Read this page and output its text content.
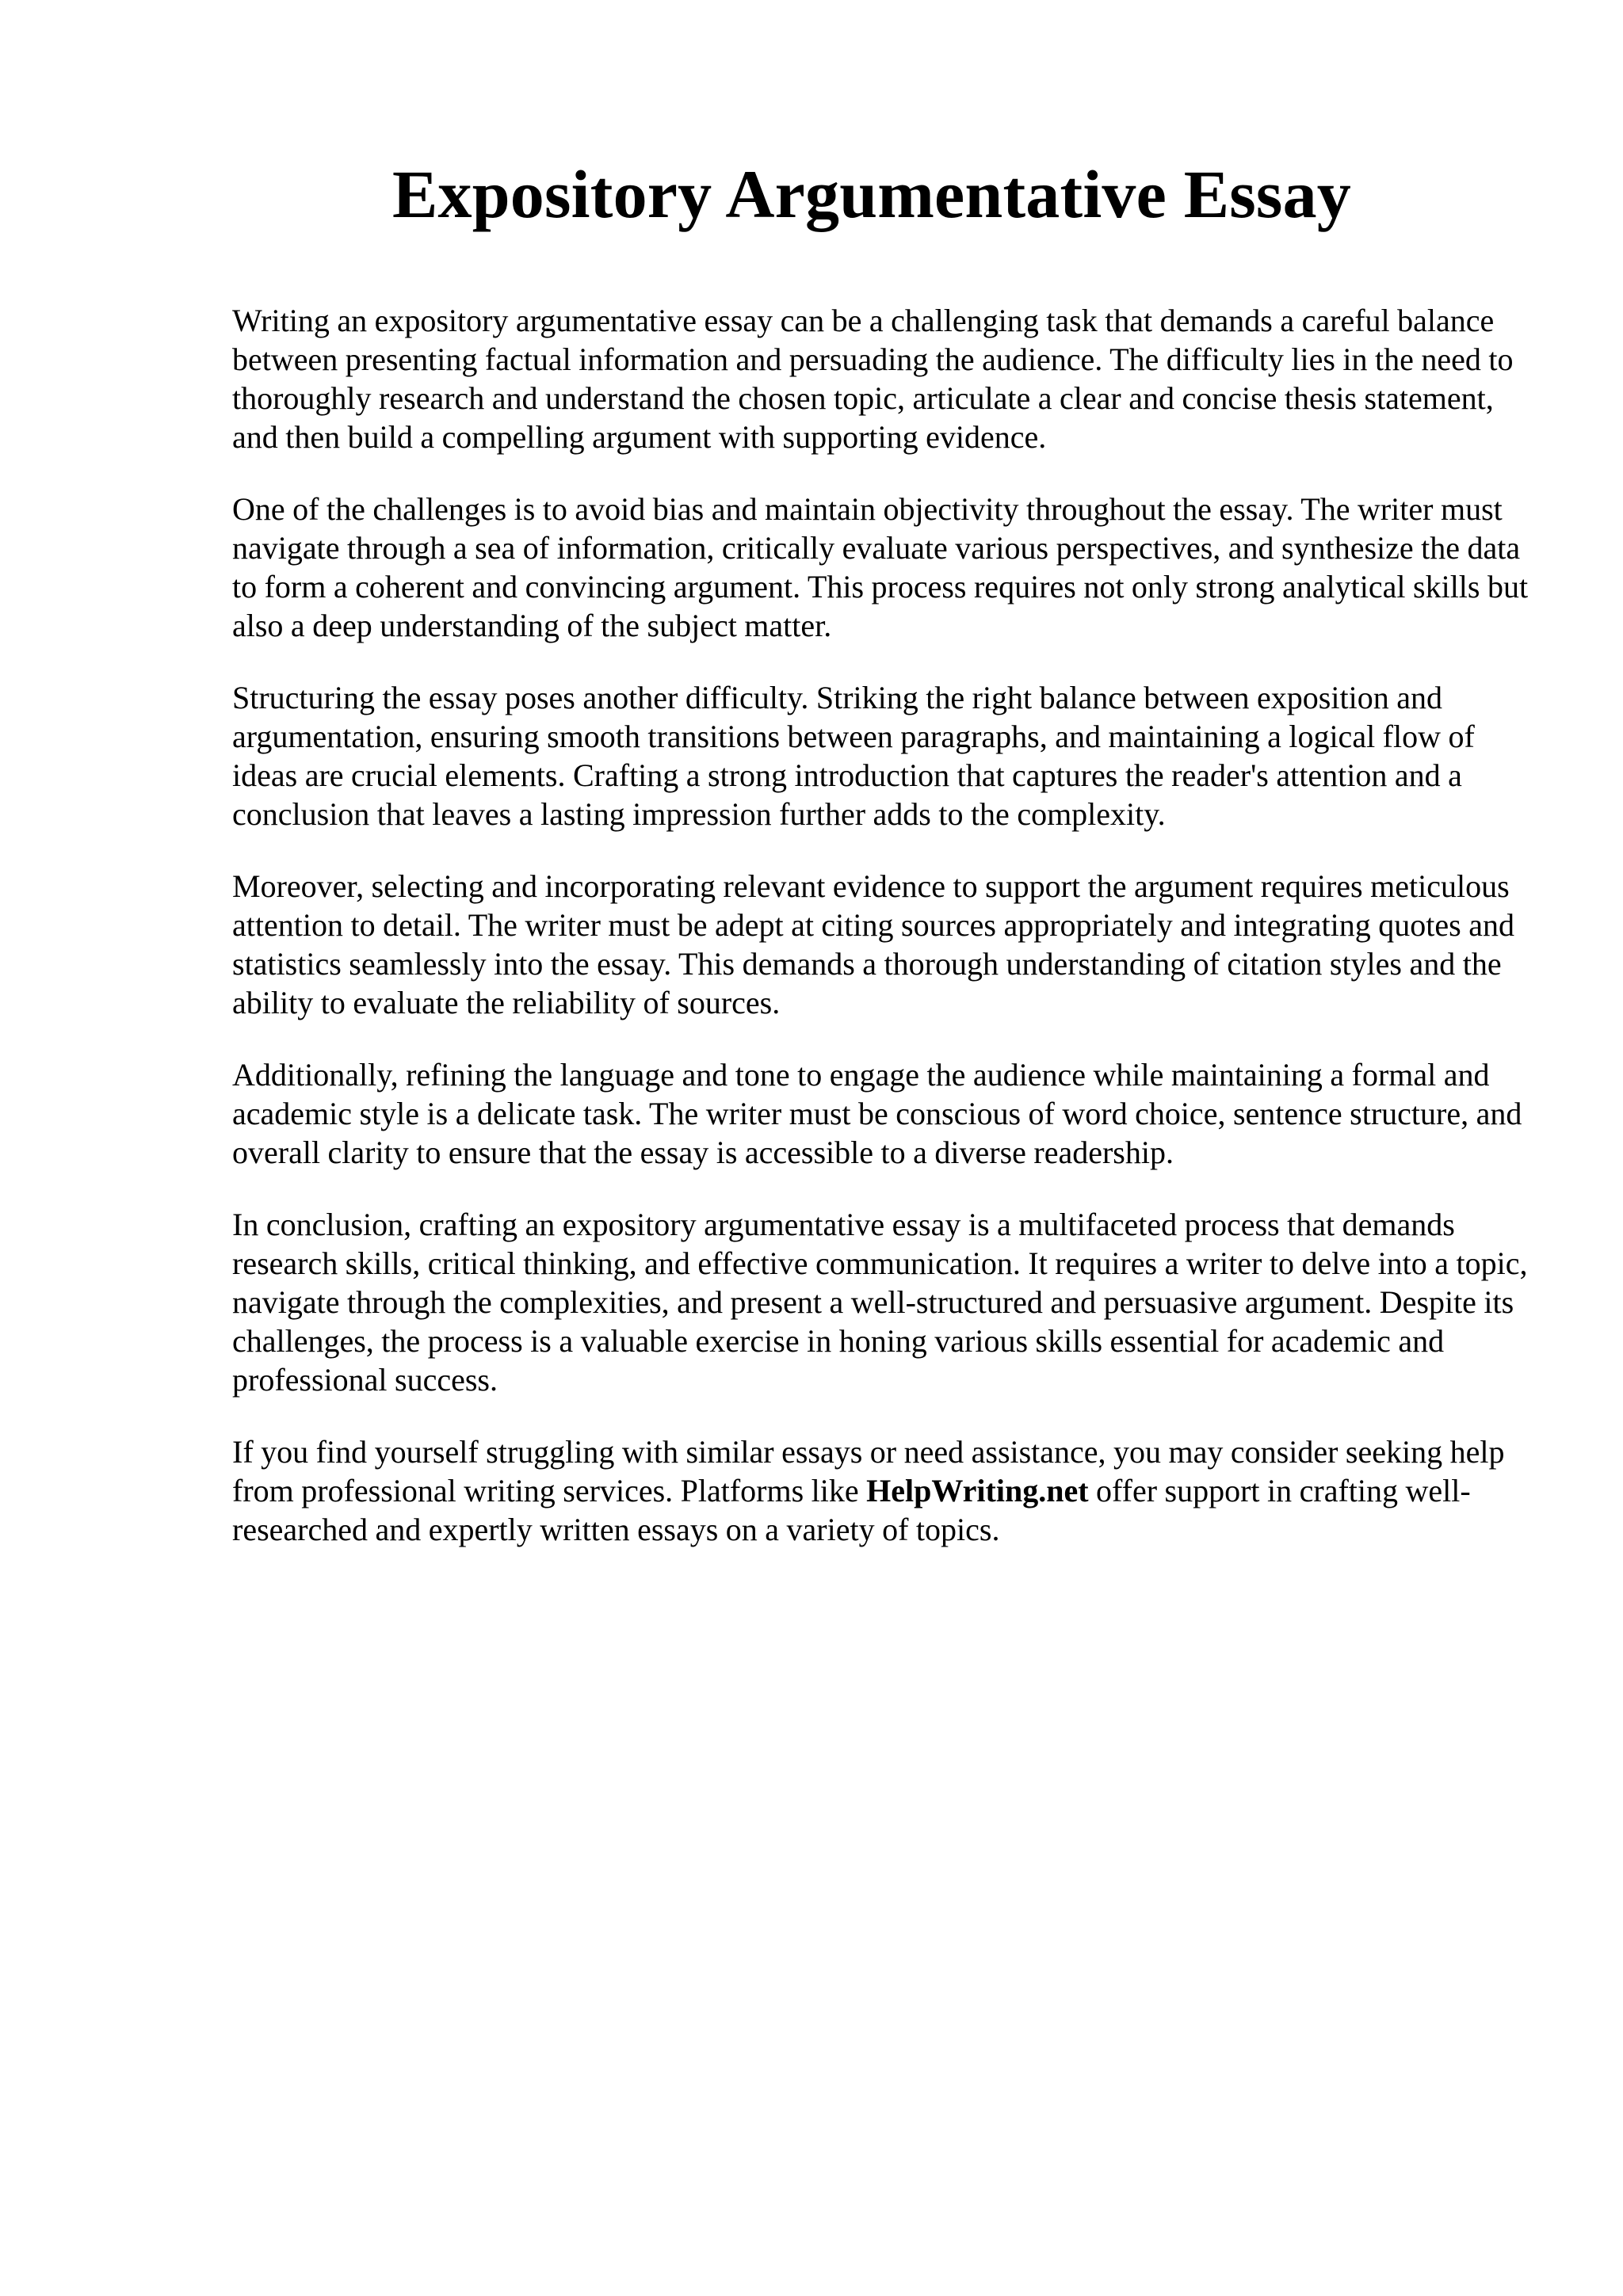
Expository Argumentative Essay

Writing an expository argumentative essay can be a challenging task that demands a careful balance between presenting factual information and persuading the audience. The difficulty lies in the need to thoroughly research and understand the chosen topic, articulate a clear and concise thesis statement, and then build a compelling argument with supporting evidence.

One of the challenges is to avoid bias and maintain objectivity throughout the essay. The writer must navigate through a sea of information, critically evaluate various perspectives, and synthesize the data to form a coherent and convincing argument. This process requires not only strong analytical skills but also a deep understanding of the subject matter.

Structuring the essay poses another difficulty. Striking the right balance between exposition and argumentation, ensuring smooth transitions between paragraphs, and maintaining a logical flow of ideas are crucial elements. Crafting a strong introduction that captures the reader's attention and a conclusion that leaves a lasting impression further adds to the complexity.

Moreover, selecting and incorporating relevant evidence to support the argument requires meticulous attention to detail. The writer must be adept at citing sources appropriately and integrating quotes and statistics seamlessly into the essay. This demands a thorough understanding of citation styles and the ability to evaluate the reliability of sources.

Additionally, refining the language and tone to engage the audience while maintaining a formal and academic style is a delicate task. The writer must be conscious of word choice, sentence structure, and overall clarity to ensure that the essay is accessible to a diverse readership.

In conclusion, crafting an expository argumentative essay is a multifaceted process that demands research skills, critical thinking, and effective communication. It requires a writer to delve into a topic, navigate through the complexities, and present a well-structured and persuasive argument. Despite its challenges, the process is a valuable exercise in honing various skills essential for academic and professional success.

If you find yourself struggling with similar essays or need assistance, you may consider seeking help from professional writing services. Platforms like HelpWriting.net offer support in crafting well-researched and expertly written essays on a variety of topics.
